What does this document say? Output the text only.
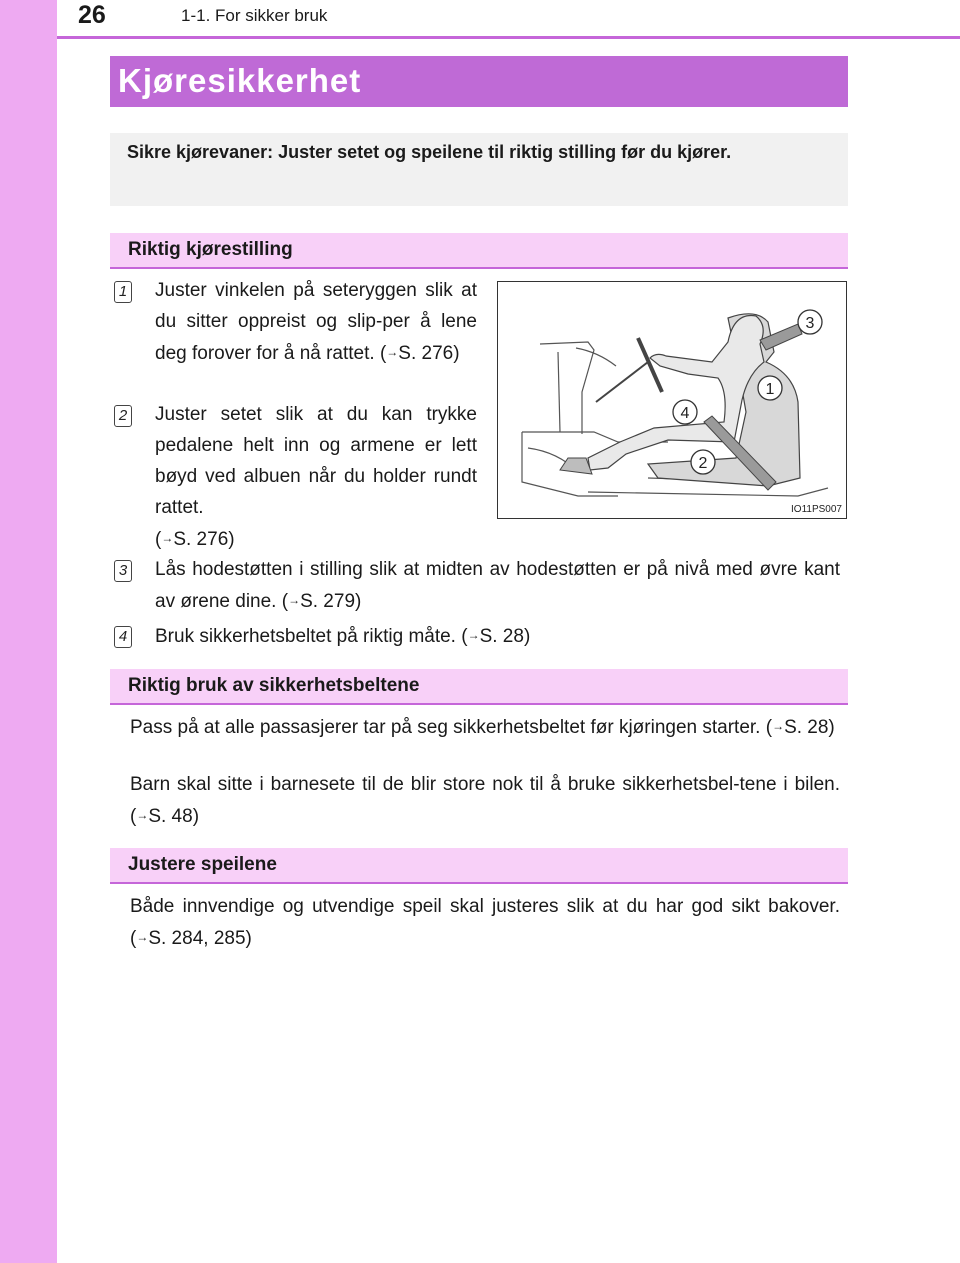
26	1-1. For sikker bruk
Kjøresikkerhet
Sikre kjørevaner: Juster setet og speilene til riktig stilling før du kjører.
Riktig kjørestilling
1 Juster vinkelen på seteryggen slik at du sitter oppreist og slip-per å lene deg forover for å nå rattet. (→S. 276)
2 Juster setet slik at du kan trykke pedalene helt inn og armene er lett bøyd ved albuen når du holder rundt rattet.
(→S. 276)
3 Lås hodestøtten i stilling slik at midten av hodestøtten er på nivå med øvre kant av ørene dine. (→S. 279)
4 Bruk sikkerhetsbeltet på riktig måte. (→S. 28)
1
2
3
4
IO11PS007
Riktig bruk av sikkerhetsbeltene
Pass på at alle passasjerer tar på seg sikkerhetsbeltet før kjøringen starter. (→S. 28)
Barn skal sitte i barnesete til de blir store nok til å bruke sikkerhetsbel-tene i bilen. (→S. 48)
Justere speilene
Både innvendige og utvendige speil skal justeres slik at du har god sikt bakover. (→S. 284, 285)
